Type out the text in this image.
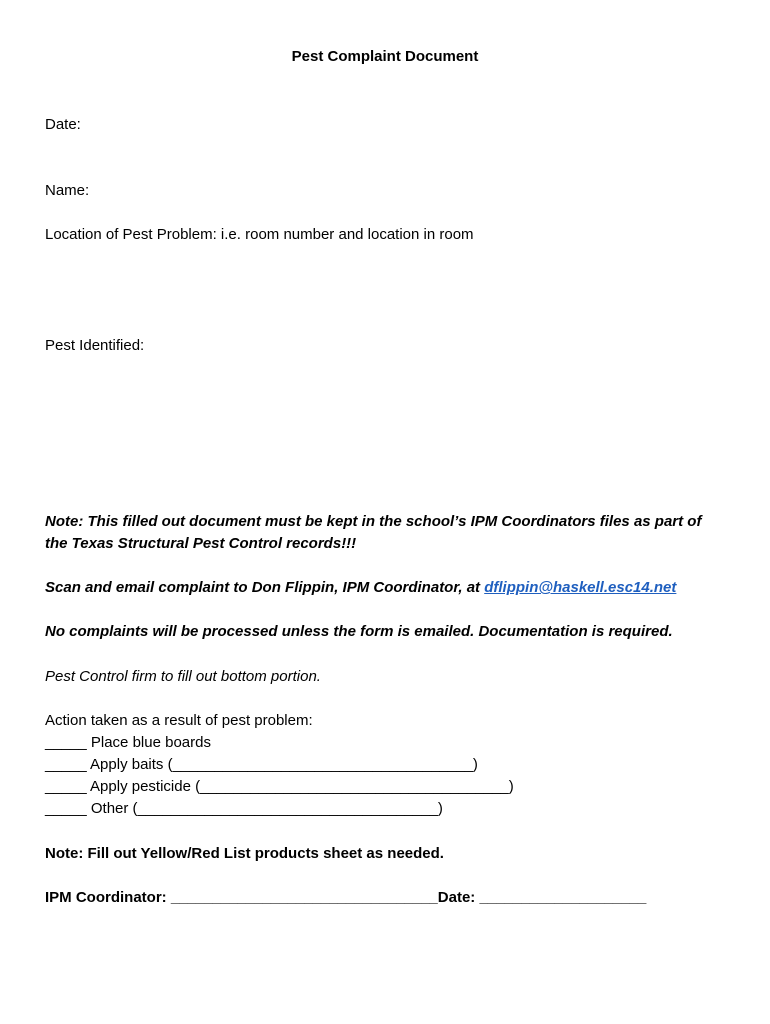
Pest Complaint Document

Date:

Name:

Location of Pest Problem: i.e. room number and location in room

Pest Identified:

Note: This filled out document must be kept in the school’s IPM Coordinators files as part of

the Texas Structural Pest Control records!!!

Scan and email complaint to Don Flippin, IPM Coordinator, at dflippin@haskell.esc14.net

No complaints will be processed unless the form is emailed. Documentation is required.

Pest Control firm to fill out bottom portion.

Action taken as a result of pest problem:

_____ Place blue boards

_____ Apply baits (____________________________________)

_____ Apply pesticide (_____________________________________)

_____ Other (____________________________________)

Note: Fill out Yellow/Red List products sheet as needed.

IPM Coordinator: ________________________________Date: ____________________
